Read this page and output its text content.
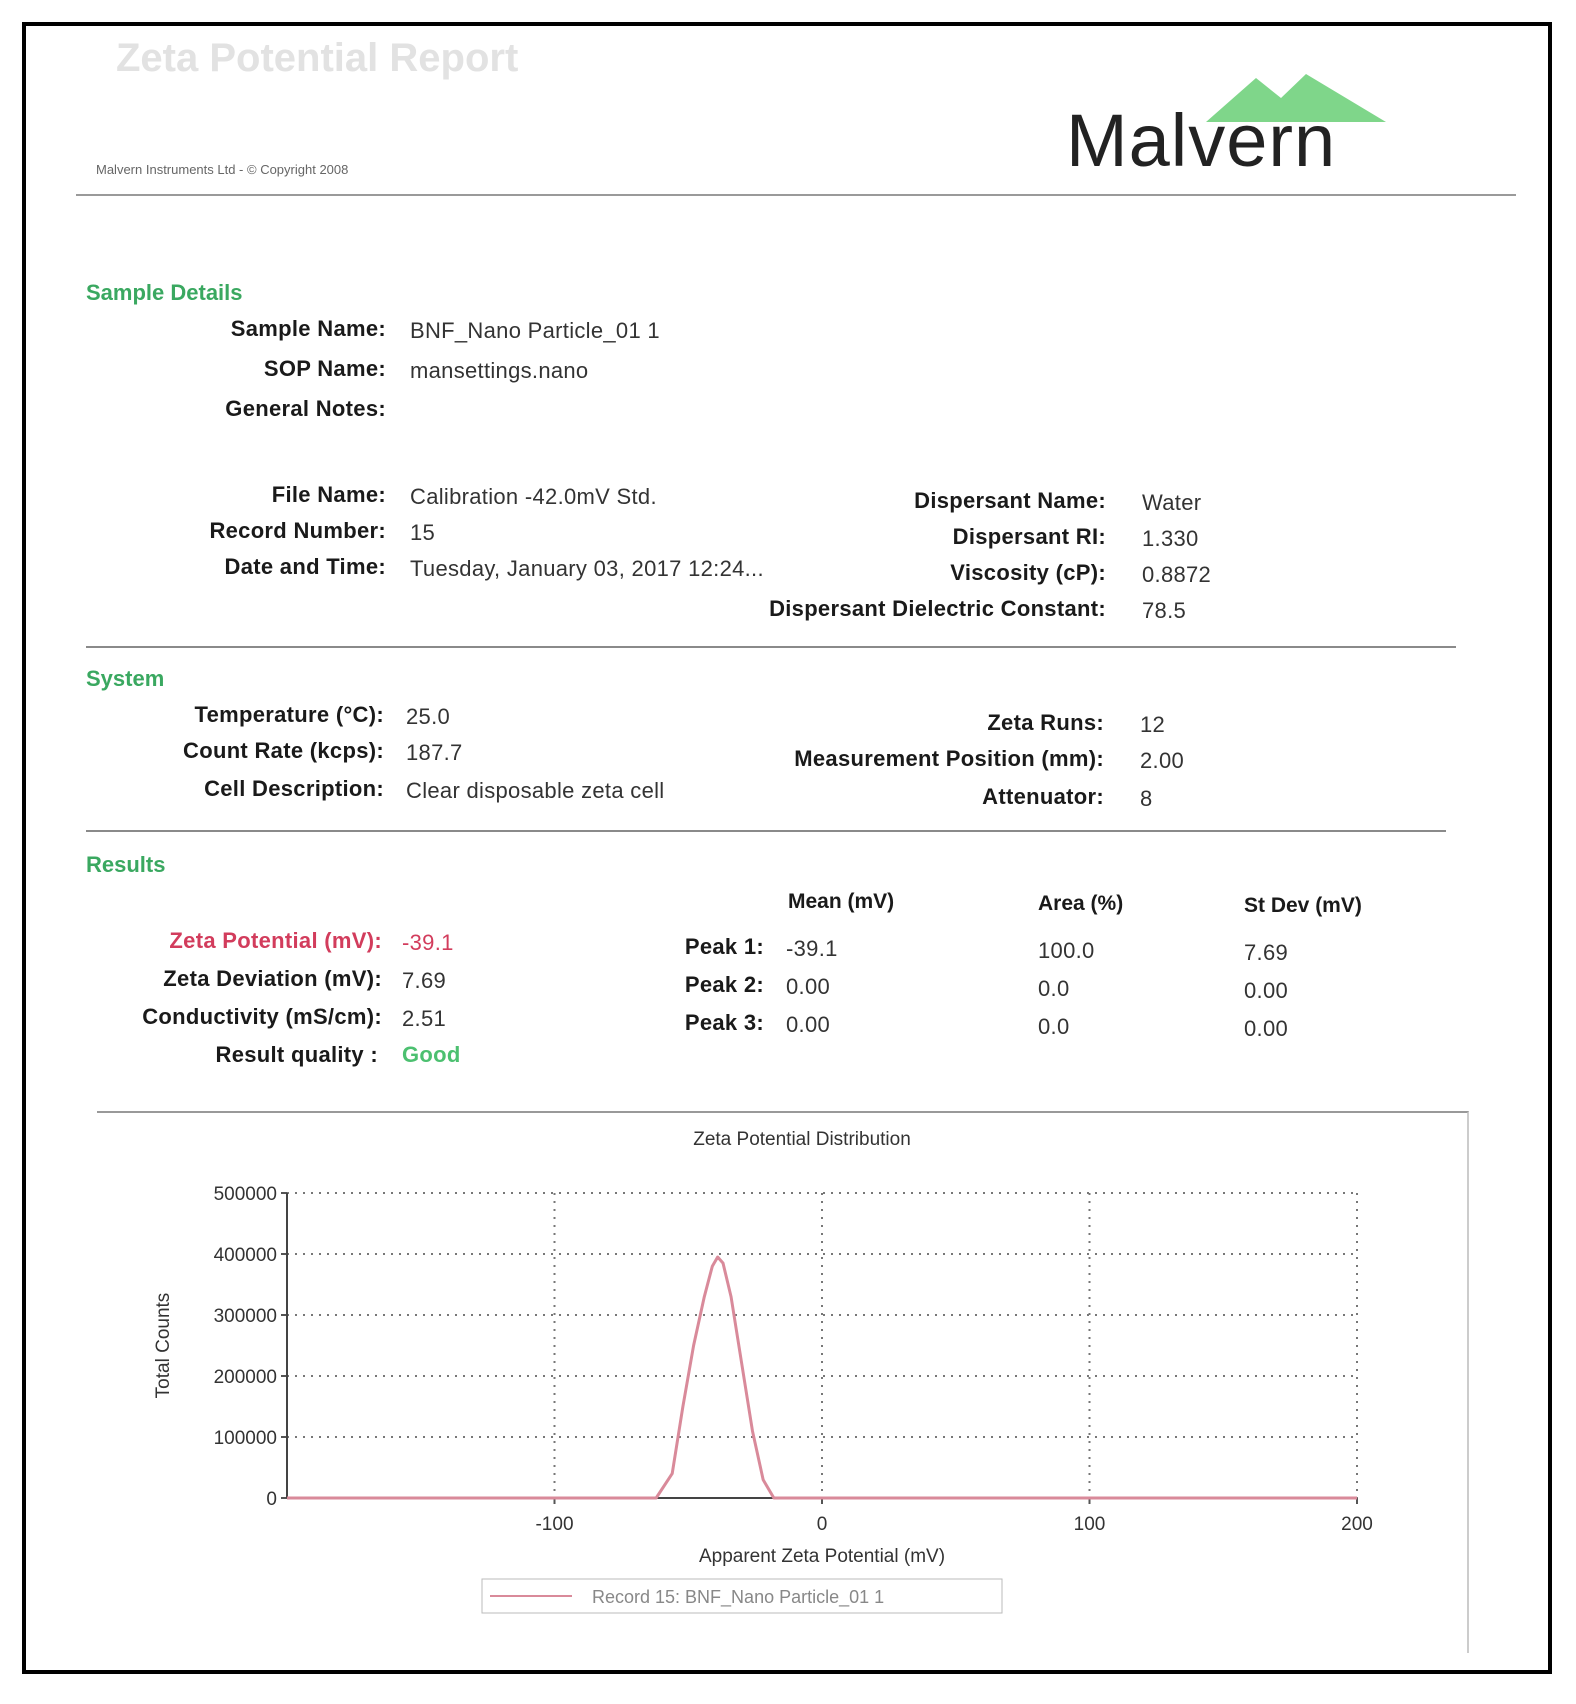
Zeta Potential Report
Malvern Instruments Ltd - © Copyright 2008	Malvern
Sample Details
Sample Name: BNF_Nano Particle_01 1
SOP Name: mansettings.nano
General Notes:
File Name: Calibration -42.0mV Std.
Record Number: 15
Date and Time: Tuesday, January 03, 2017 12:24...
Dispersant Name: Water
Dispersant RI: 1.330
Viscosity (cP): 0.8872
Dispersant Dielectric Constant: 78.5
System
Temperature (°C): 25.0
Count Rate (kcps): 187.7
Cell Description: Clear disposable zeta cell
Zeta Runs: 12
Measurement Position (mm): 2.00
Attenuator: 8
Results
Zeta Potential (mV): -39.1
Zeta Deviation (mV): 7.69
Conductivity (mS/cm): 2.51
Result quality : Good
Mean (mV)	Area (%)	St Dev (mV)
Peak 1: -39.1	100.0	7.69
Peak 2: 0.00	0.0	0.00
Peak 3: 0.00	0.0	0.00
Zeta Potential Distribution
500000
400000
300000
200000
100000
0
-100	0	100	200
Apparent Zeta Potential (mV)
Total Counts
Record 15: BNF_Nano Particle_01 1
